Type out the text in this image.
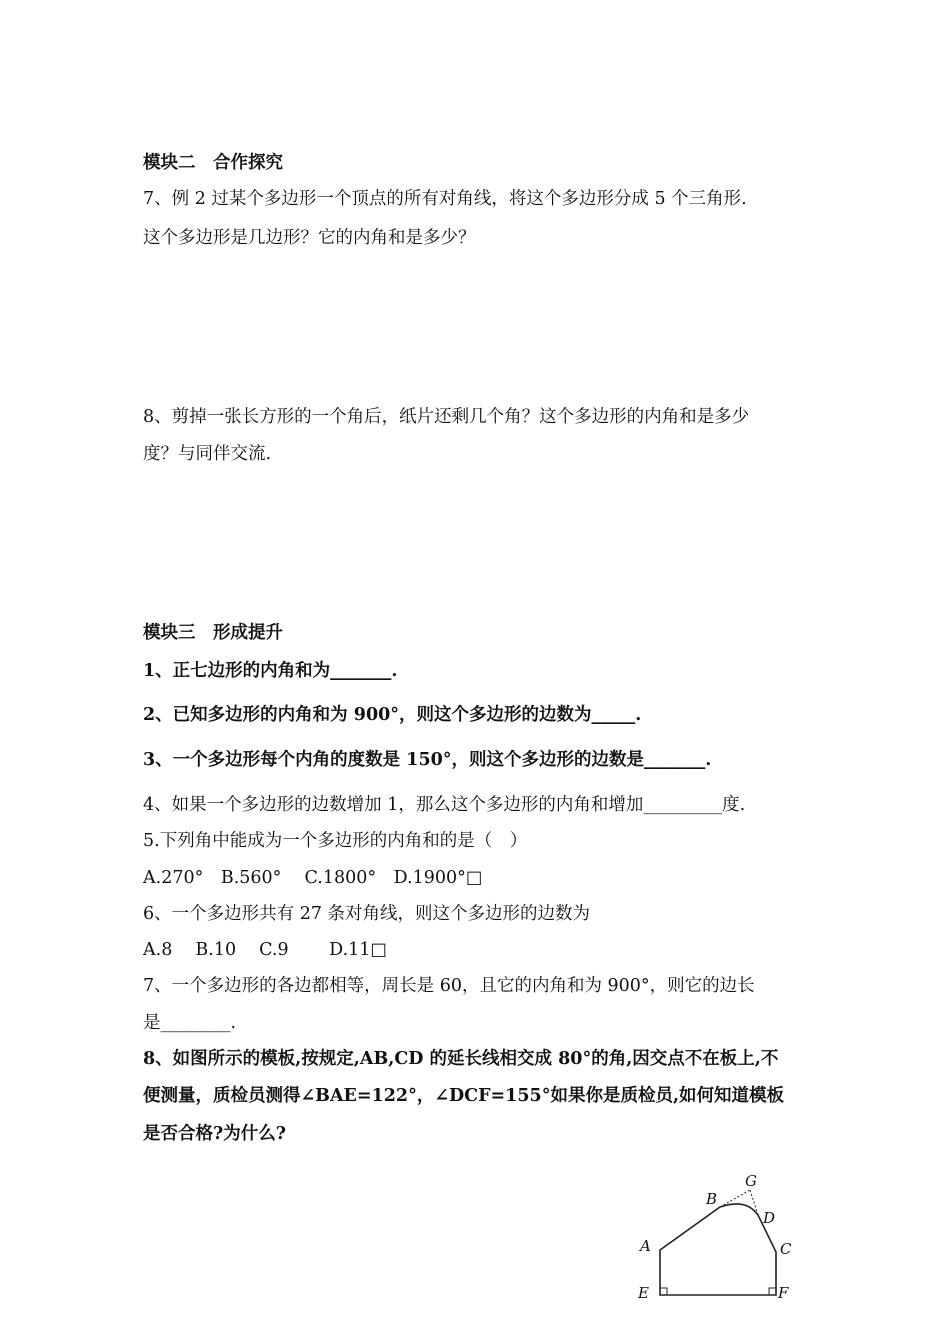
模块二　合作探究
7、例 2 过某个多边形一个顶点的所有对角线，将这个多边形分成 5 个三角形.
这个多边形是几边形？它的内角和是多少？
8、剪掉一张长方形的一个角后，纸片还剩几个角？这个多边形的内角和是多少
度？与同伴交流.
模块三　形成提升
1、正七边形的内角和为_______.
2、已知多边形的内角和为 900°，则这个多边形的边数为_____.
3、一个多边形每个内角的度数是 150°，则这个多边形的边数是_______.
4、如果一个多边形的边数增加 1，那么这个多边形的内角和增加_________度.
5.下列角中能成为一个多边形的内角和的是（　）
A.270°　B.560°　 C.1800°　D.1900°□
6、一个多边形共有 27 条对角线，则这个多边形的边数为
A.8　 B.10　 C.9　　 D.11□
7、一个多边形的各边都相等，周长是 60，且它的内角和为 900°，则它的边长
是________.
8、如图所示的模板,按规定,AB,CD 的延长线相交成 80°的角,因交点不在板上,不
便测量，质检员测得∠BAE=122°，∠DCF=155°如果你是质检员,如何知道模板
是否合格?为什么?
A
B
C
D
E	F
G
